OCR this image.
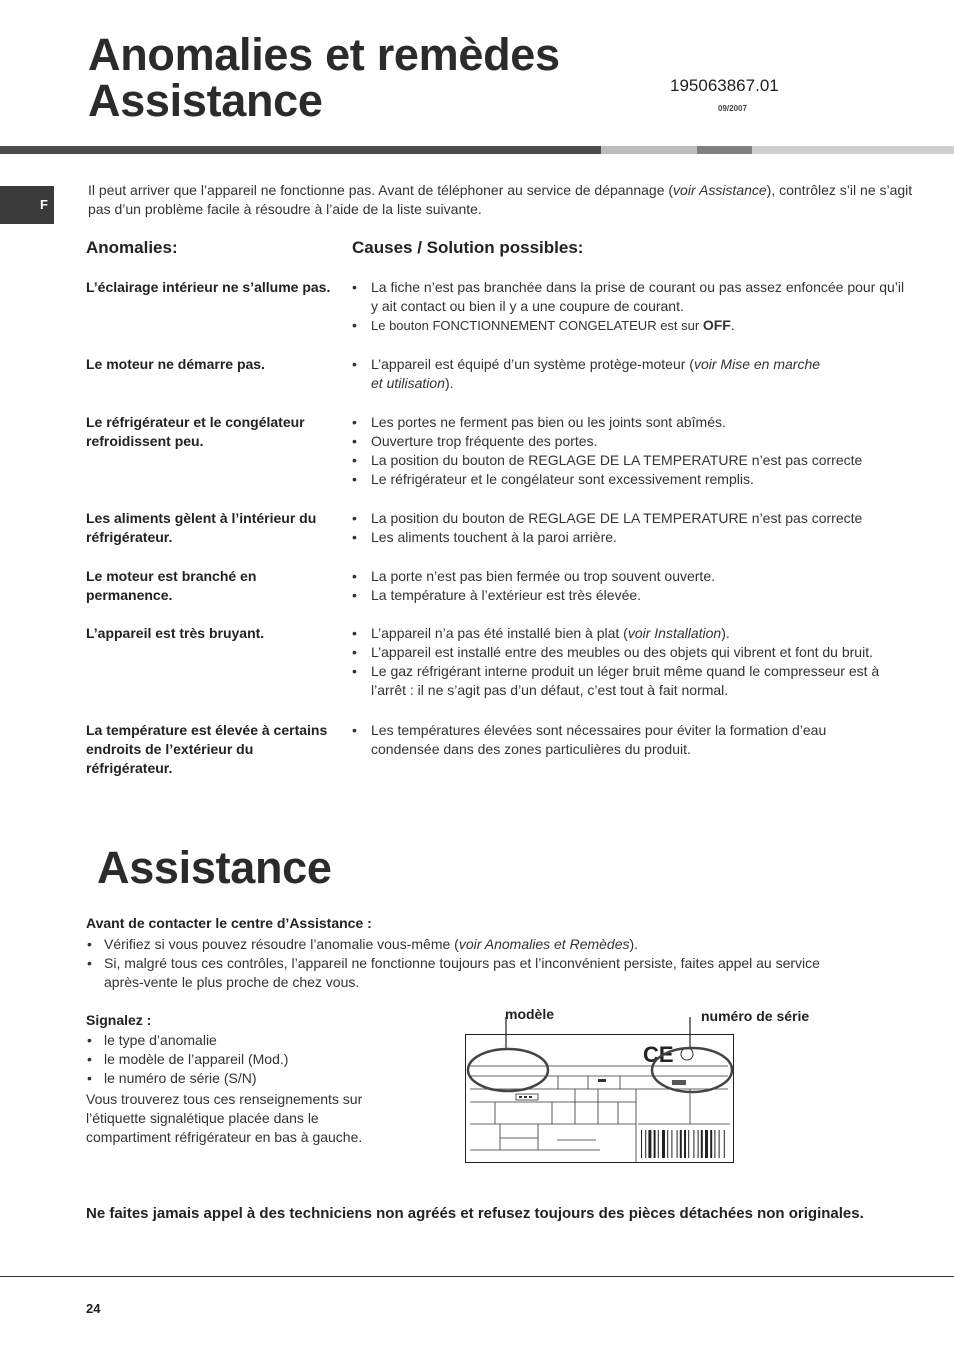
Anomalies et remèdes
Assistance	195063867.01
09/2007
F
Il peut arriver que l’appareil ne fonctionne pas. Avant de téléphoner au service de dépannage (voir Assistance), contrôlez s’il ne s’agit pas d’un problème facile à résoudre à l’aide de la liste suivante.
Anomalies:	Causes / Solution possibles:
L’éclairage intérieur ne s’allume pas.	• La fiche n’est pas branchée dans la prise de courant ou pas assez enfoncée pour qu’il y ait contact ou bien il y a une coupure de courant.
• Le bouton FONCTIONNEMENT CONGELATEUR est sur OFF.
Le moteur ne démarre pas.	• L’appareil est équipé d’un système protège-moteur (voir Mise en marche et utilisation).
Le réfrigérateur et le congélateur refroidissent peu.
• Les portes ne ferment pas bien ou les joints sont abîmés.
• Ouverture trop fréquente des portes.
• La position du bouton de REGLAGE DE LA TEMPERATURE n’est pas correcte
• Le réfrigérateur et le congélateur sont excessivement remplis.
Les aliments gèlent à l’intérieur du réfrigérateur.
• La position du bouton de REGLAGE DE LA TEMPERATURE n’est pas correcte
• Les aliments touchent à la paroi arrière.
Le moteur est branché en permanence.
• La porte n’est pas bien fermée ou trop souvent ouverte.
• La température à l’extérieur est très élevée.
L’appareil est très bruyant.	• L’appareil n’a pas été installé bien à plat (voir Installation).
• L’appareil est installé entre des meubles ou des objets qui vibrent et font du bruit.
• Le gaz réfrigérant interne produit un léger bruit même quand le compresseur est à l’arrêt : il ne s’agit pas d’un défaut, c’est tout à fait normal.
La température est élevée à certains endroits de l’extérieur du réfrigérateur.
• Les températures élevées sont nécessaires pour éviter la formation d’eau condensée dans des zones particulières du produit.
Assistance
Avant de contacter le centre d’Assistance :
• Vérifiez si vous pouvez résoudre l’anomalie vous-même (voir Anomalies et Remèdes).
• Si, malgré tous ces contrôles, l’appareil ne fonctionne toujours pas et l’inconvénient persiste, faites appel au service après-vente le plus proche de chez vous.
Signalez :
• le type d’anomalie
• le modèle de l’appareil (Mod.)
• le numéro de série (S/N)
Vous trouverez tous ces renseignements sur l’étiquette signalétique placée dans le compartiment réfrigérateur en bas à gauche.
modèle	numéro de série
CE
Ne faites jamais appel à des techniciens non agréés et refusez toujours des pièces détachées non originales.
24
